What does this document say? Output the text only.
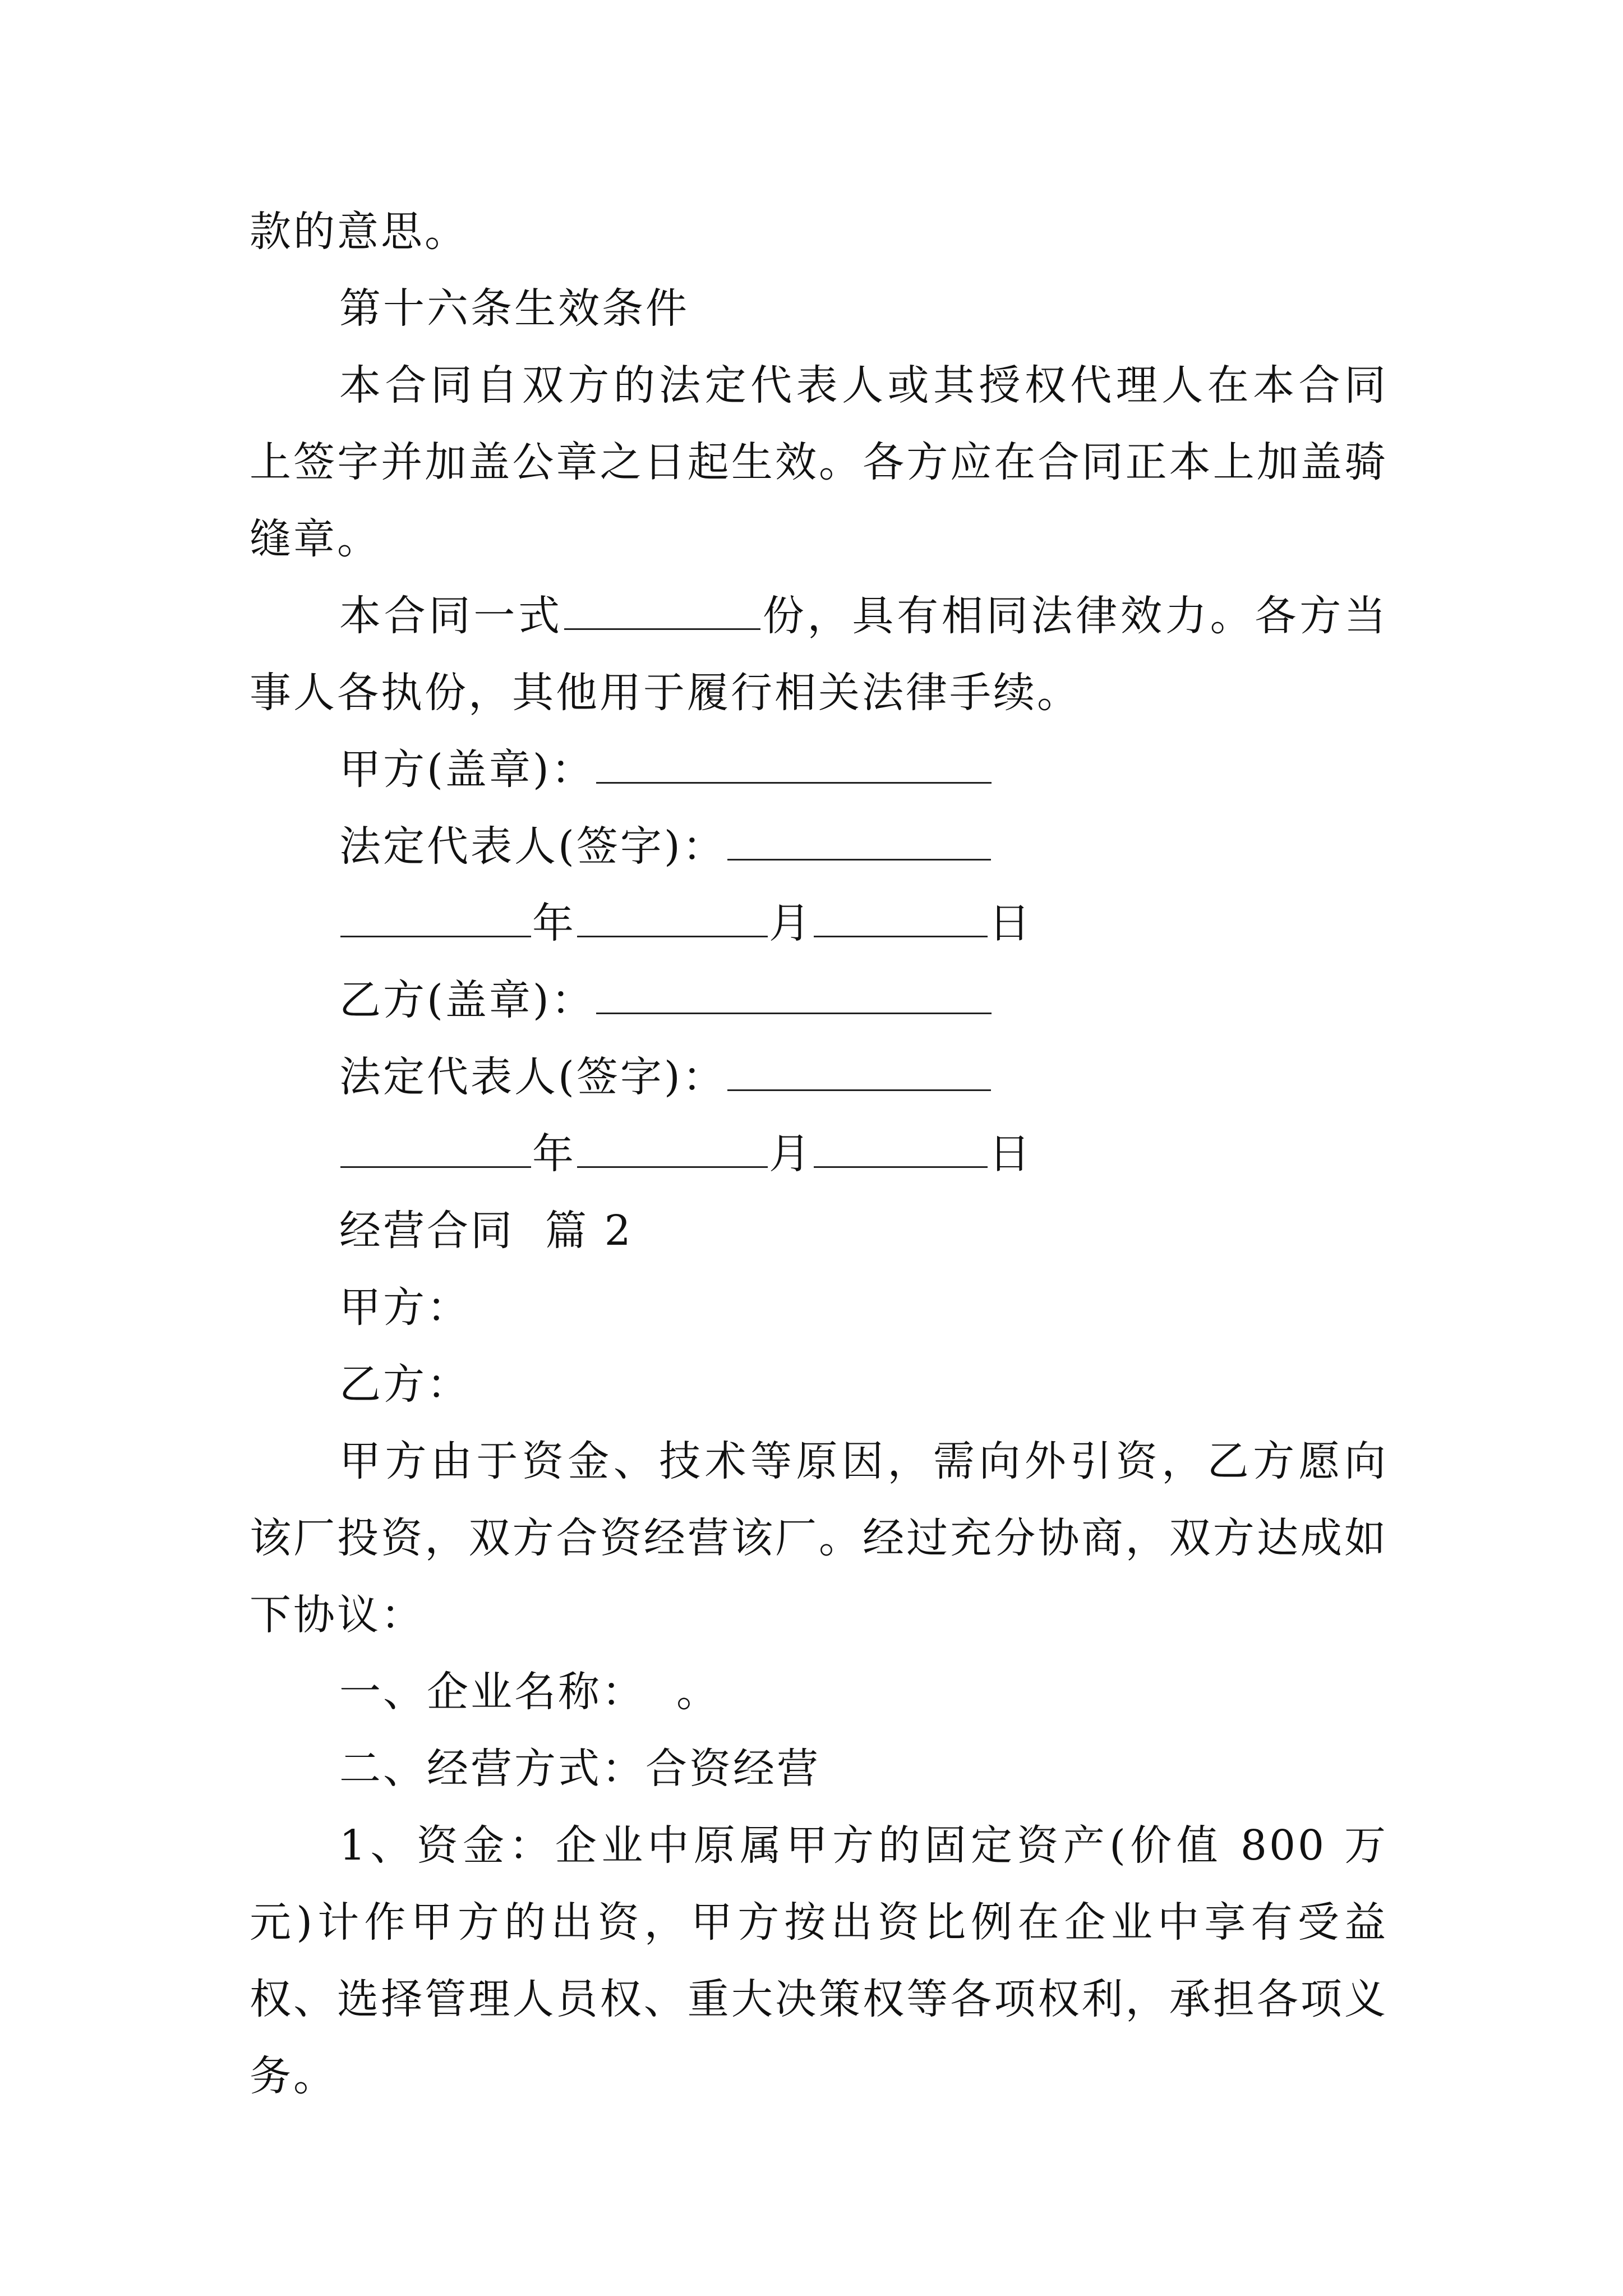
款的意思。

第十六条生效条件

本合同自双方的法定代表人或其授权代理人在本合同上签字并加盖公章之日起生效。各方应在合同正本上加盖骑缝章。

本合同一式	份，具有相同法律效力。各方当事人各执份，其他用于履行相关法律手续。

甲方(盖章)：

法定代表人(签字)：

年	月	日

乙方(盖章)：

法定代表人(签字)：

年	月	日

经营合同  篇 2

甲方：

乙方：

甲方由于资金、技术等原因，需向外引资，乙方愿向该厂投资，双方合资经营该厂。经过充分协商，双方达成如下协议：

一、企业名称：  。

二、经营方式：合资经营

1、资金：企业中原属甲方的固定资产(价值 800 万元)计作甲方的出资，甲方按出资比例在企业中享有受益权、选择管理人员权、重大决策权等各项权利，承担各项义务。
